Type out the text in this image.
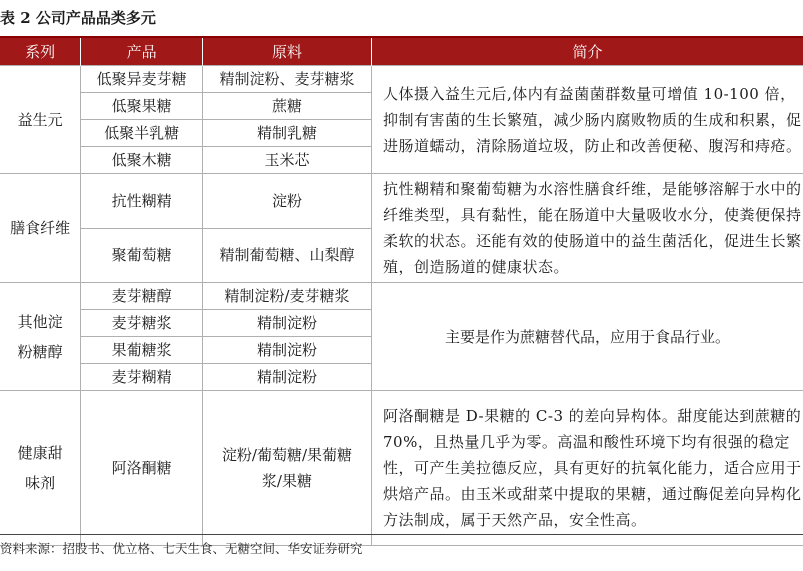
表 2 公司产品品类多元
系列	产品	原料	简介
益生元	低聚异麦芽糖	精制淀粉、麦芽糖浆	人体摄入益生元后,体内有益菌菌群数量可增值 10-100 倍，抑制有害菌的生长繁殖，减少肠内腐败物质的生成和积累，促进肠道蠕动，清除肠道垃圾，防止和改善便秘、腹泻和痔疮。

	低聚果糖	蔗糖	
	低聚半乳糖	精制乳糖	
	低聚木糖	玉米芯	

膳食纤维	抗性糊精	淀粉	抗性糊精和聚葡萄糖为水溶性膳食纤维，是能够溶解于水中的纤维类型，具有黏性，能在肠道中大量吸收水分，使粪便保持柔软的状态。还能有效的使肠道中的益生菌活化，促进生长繁殖，创造肠道的健康状态。

	聚葡萄糖	精制葡萄糖、山梨醇	

其他淀粉糖醇	麦芽糖醇	精制淀粉/麦芽糖浆	主要是作为蔗糖替代品，应用于食品行业。
	麦芽糖浆	精制淀粉	
	果葡糖浆	精制淀粉	
	麦芽糊精	精制淀粉	

健康甜味剂	阿洛酮糖	淀粉/葡萄糖/果葡糖浆/果糖	阿洛酮糖是 D-果糖的 C-3 的差向异构体。甜度能达到蔗糖的 70%，且热量几乎为零。高温和酸性环境下均有很强的稳定性，可产生美拉德反应，具有更好的抗氧化能力，适合应用于烘焙产品。由玉米或甜菜中提取的果糖，通过酶促差向异构化方法制成，属于天然产品，安全性高。
资料来源：招股书、优立格、七天生食、无糖空间、华安证券研究
